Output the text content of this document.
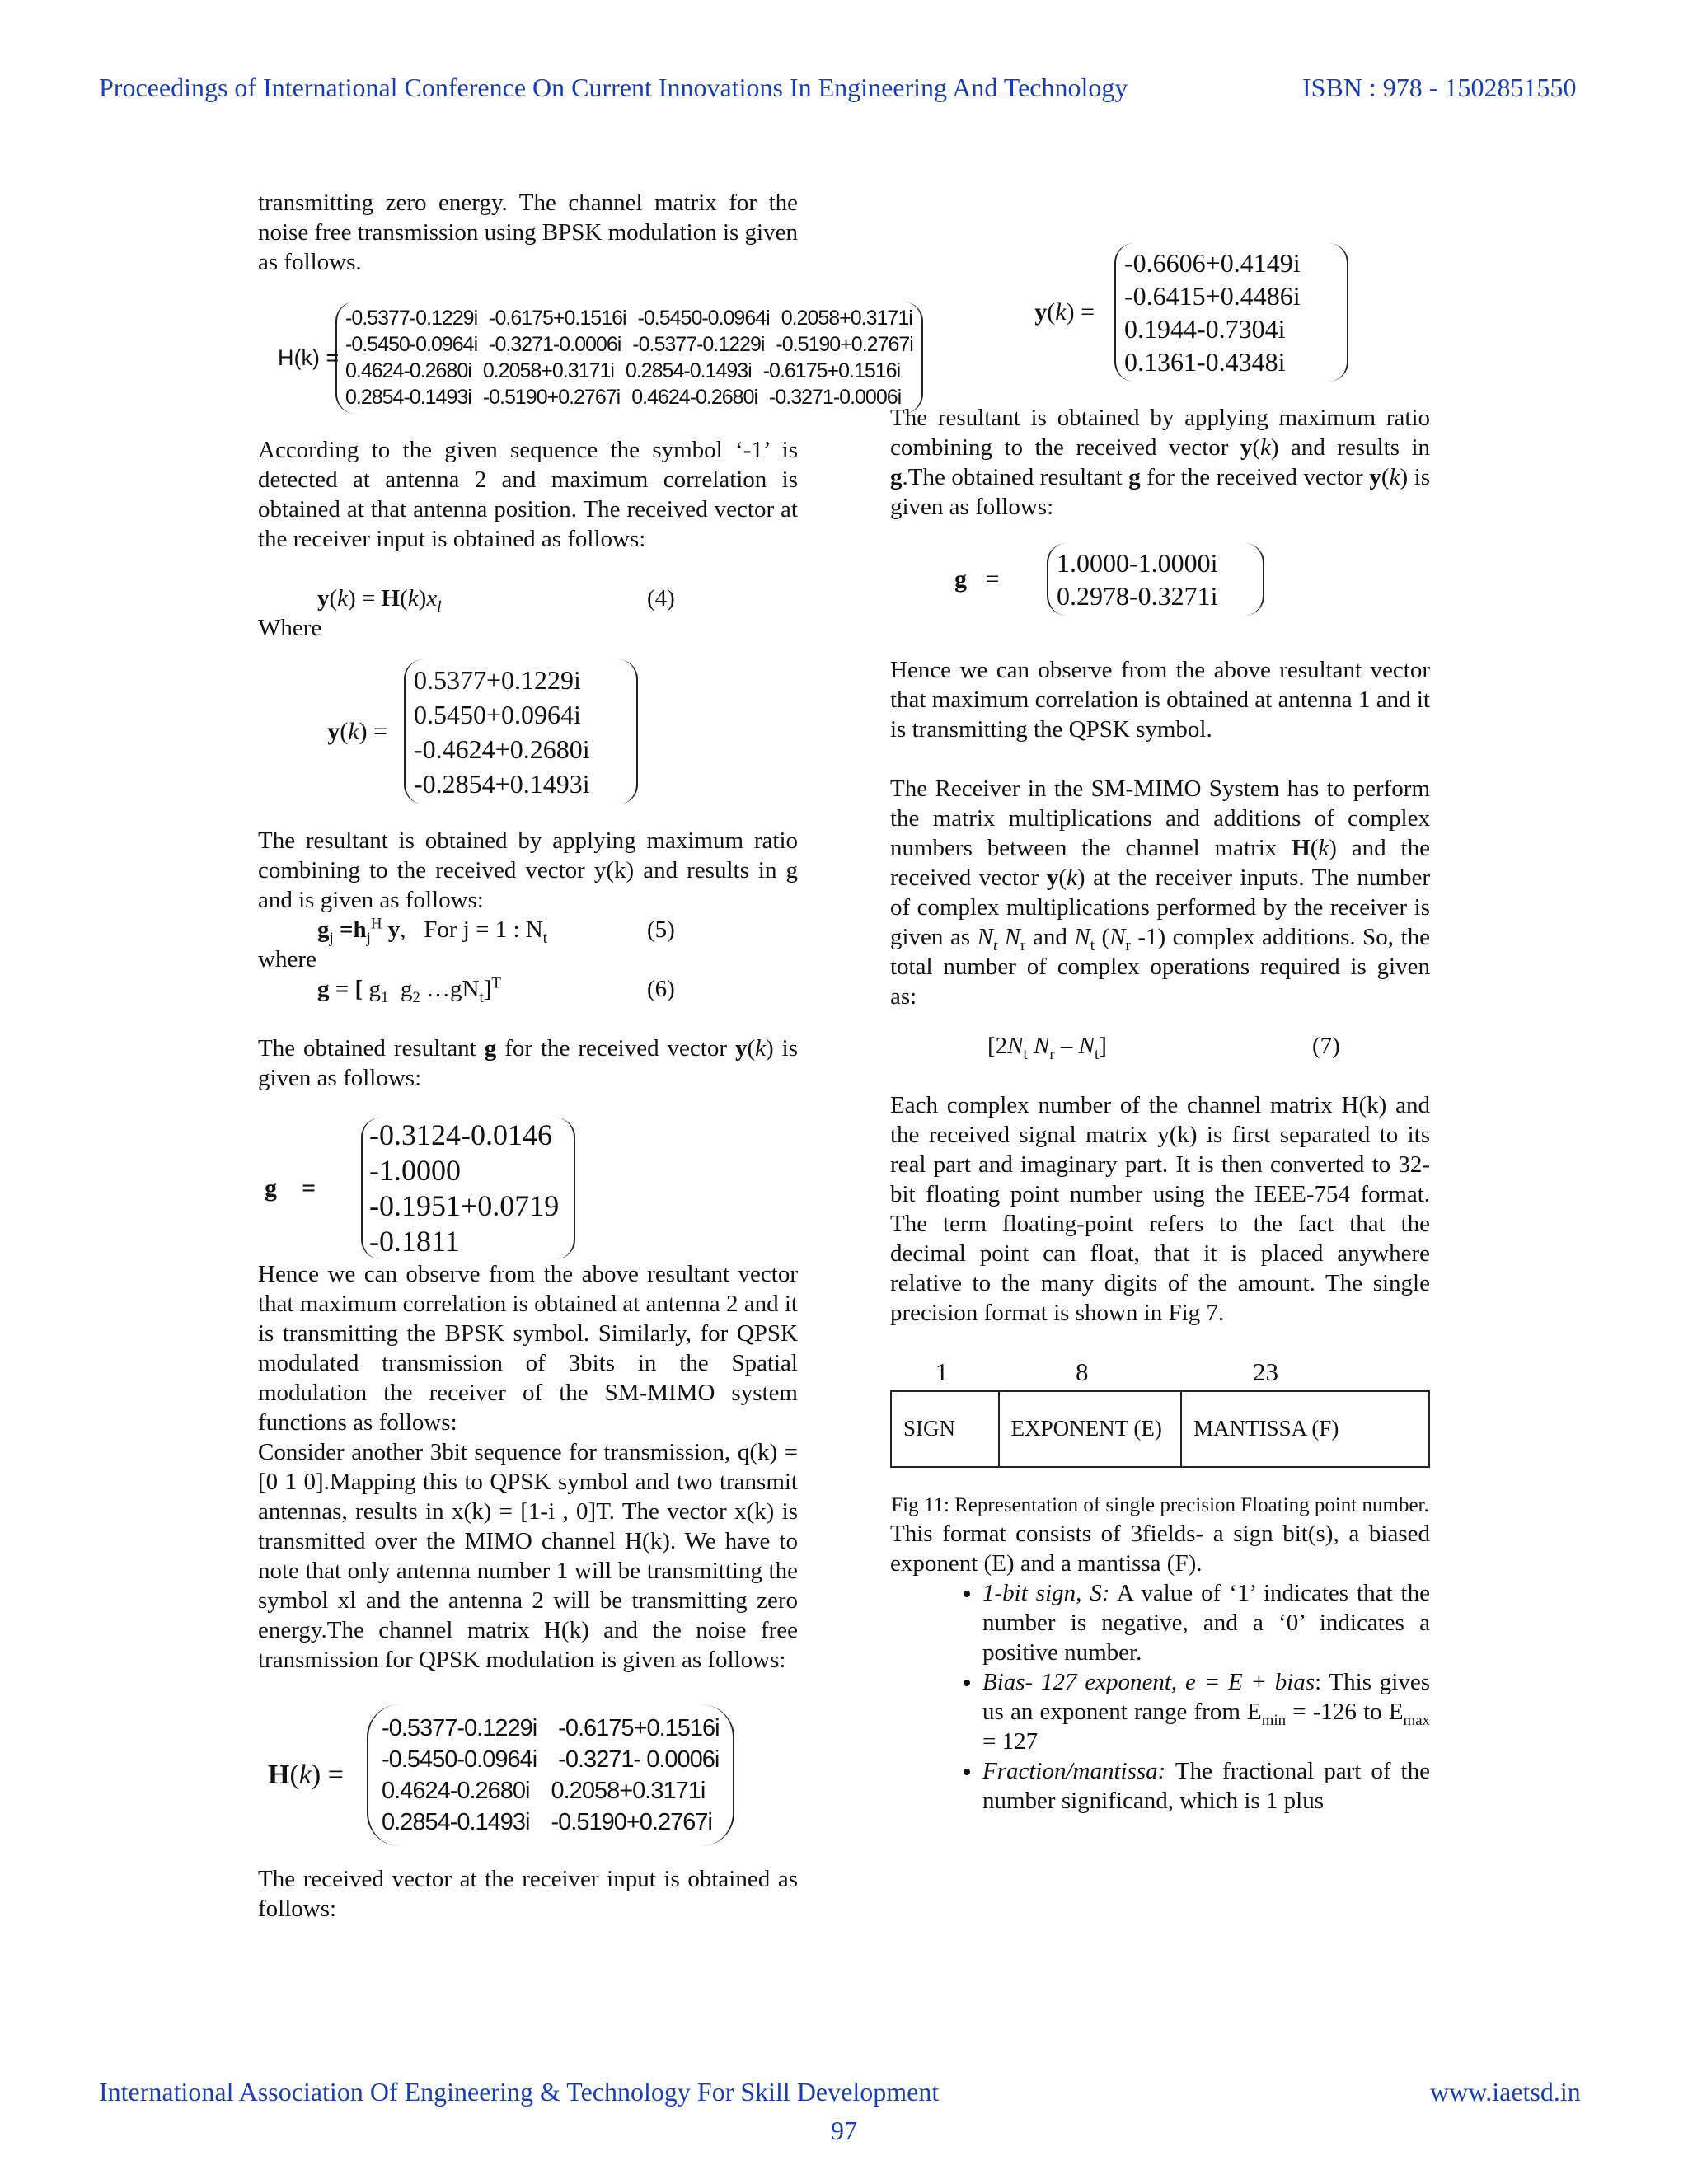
Proceedings of International Conference On Current Innovations In Engineering And Technology	ISBN : 978 - 1502851550

transmitting zero energy. The channel matrix for the noise free transmission using BPSK modulation is given as follows.

H(k) =
-0.5377-0.1229i -0.6175+0.1516i -0.5450-0.0964i 0.2058+0.3171i
-0.5450-0.0964i -0.3271-0.0006i -0.5377-0.1229i -0.5190+0.2767i
0.4624-0.2680i 0.2058+0.3171i 0.2854-0.1493i -0.6175+0.1516i
0.2854-0.1493i -0.5190+0.2767i 0.4624-0.2680i -0.3271-0.0006i

According to the given sequence the symbol ‘-1’ is detected at antenna 2 and maximum correlation is obtained at that antenna position. The received vector at the receiver input is obtained as follows:

$y(k) = H(k)x_l$	(4)
Where
y(k) =
0.5377+0.1229i
0.5450+0.0964i
-0.4624+0.2680i
-0.2854+0.1493i

The resultant is obtained by applying maximum ratio combining to the received vector y(k) and results in g and is given as follows:

$g_j =h_j^H$ y,   For j = 1 : $N_t$	(5)
where
g = [ $g_1$  $g_2$ $\dots gN_t]^T$	(6)

The obtained resultant g for the received vector y(k) is given as follows:

g    =
-0.3124-0.0146
-1.0000
-0.1951+0.0719
-0.1811

Hence we can observe from the above resultant vector that maximum correlation is obtained at antenna 2 and it is transmitting the BPSK symbol. Similarly, for QPSK modulated transmission of 3bits in the Spatial modulation the receiver of the SM-MIMO system functions as follows:

Consider another 3bit sequence for transmission, q(k) = [0 1 0].Mapping this to QPSK symbol and two transmit antennas, results in x(k) = [1-i , 0]T. The vector x(k) is transmitted over the MIMO channel H(k). We have to note that only antenna number 1 will be transmitting the symbol xl and the antenna 2 will be transmitting zero energy.The channel matrix H(k) and the noise free transmission for QPSK modulation is given as follows:

H(k) =
-0.5377-0.1229i -0.6175+0.1516i
-0.5450-0.0964i -0.3271- 0.0006i
0.4624-0.2680i 0.2058+0.3171i
0.2854-0.1493i -0.5190+0.2767i

The received vector at the receiver input is obtained as follows:

y(k) =
-0.6606+0.4149i
-0.6415+0.4486i
0.1944-0.7304i
0.1361-0.4348i

The resultant is obtained by applying maximum ratio combining to the received vector y(k) and results in g.The obtained resultant g for the received vector y(k) is given as follows:

g   =
1.0000-1.0000i
0.2978-0.3271i

Hence we can observe from the above resultant vector that maximum correlation is obtained at antenna 1 and it is transmitting the QPSK symbol.

The Receiver in the SM-MIMO System has to perform the matrix multiplications and additions of complex numbers between the channel matrix H(k) and the received vector y(k) at the receiver inputs. The number of complex multiplications performed by the receiver is given as $N_t$ $N_r$ and $N_t$ ($N_r$ -1) complex additions. So, the total number of complex operations required is given as:

[$2N_t$ $N_r - N_t$]	(7)

Each complex number of the channel matrix H(k) and the received signal matrix y(k) is first separated to its real part and imaginary part. It is then converted to 32-bit floating point number using the IEEE-754 format. The term floating-point refers to the fact that the decimal point can float, that it is placed anywhere relative to the many digits of the amount. The single precision format is shown in Fig 7.

1	8	23
SIGN	EXPONENT (E)	MANTISSA (F)
Fig 11: Representation of single precision Floating point number.

This format consists of 3fields- a sign bit(s), a biased exponent (E) and a mantissa (F).

• 1-bit sign, S: A value of ‘1’ indicates that the number is negative, and a ‘0’ indicates a positive number.
• Bias- 127 exponent, e = E + bias: This gives us an exponent range from $E_{min} = -126$ to $E_{max} = 127$
• Fraction/mantissa: The fractional part of the number significand, which is 1 plus
International Association Of Engineering & Technology For Skill Development	www.iaetsd.in
97
